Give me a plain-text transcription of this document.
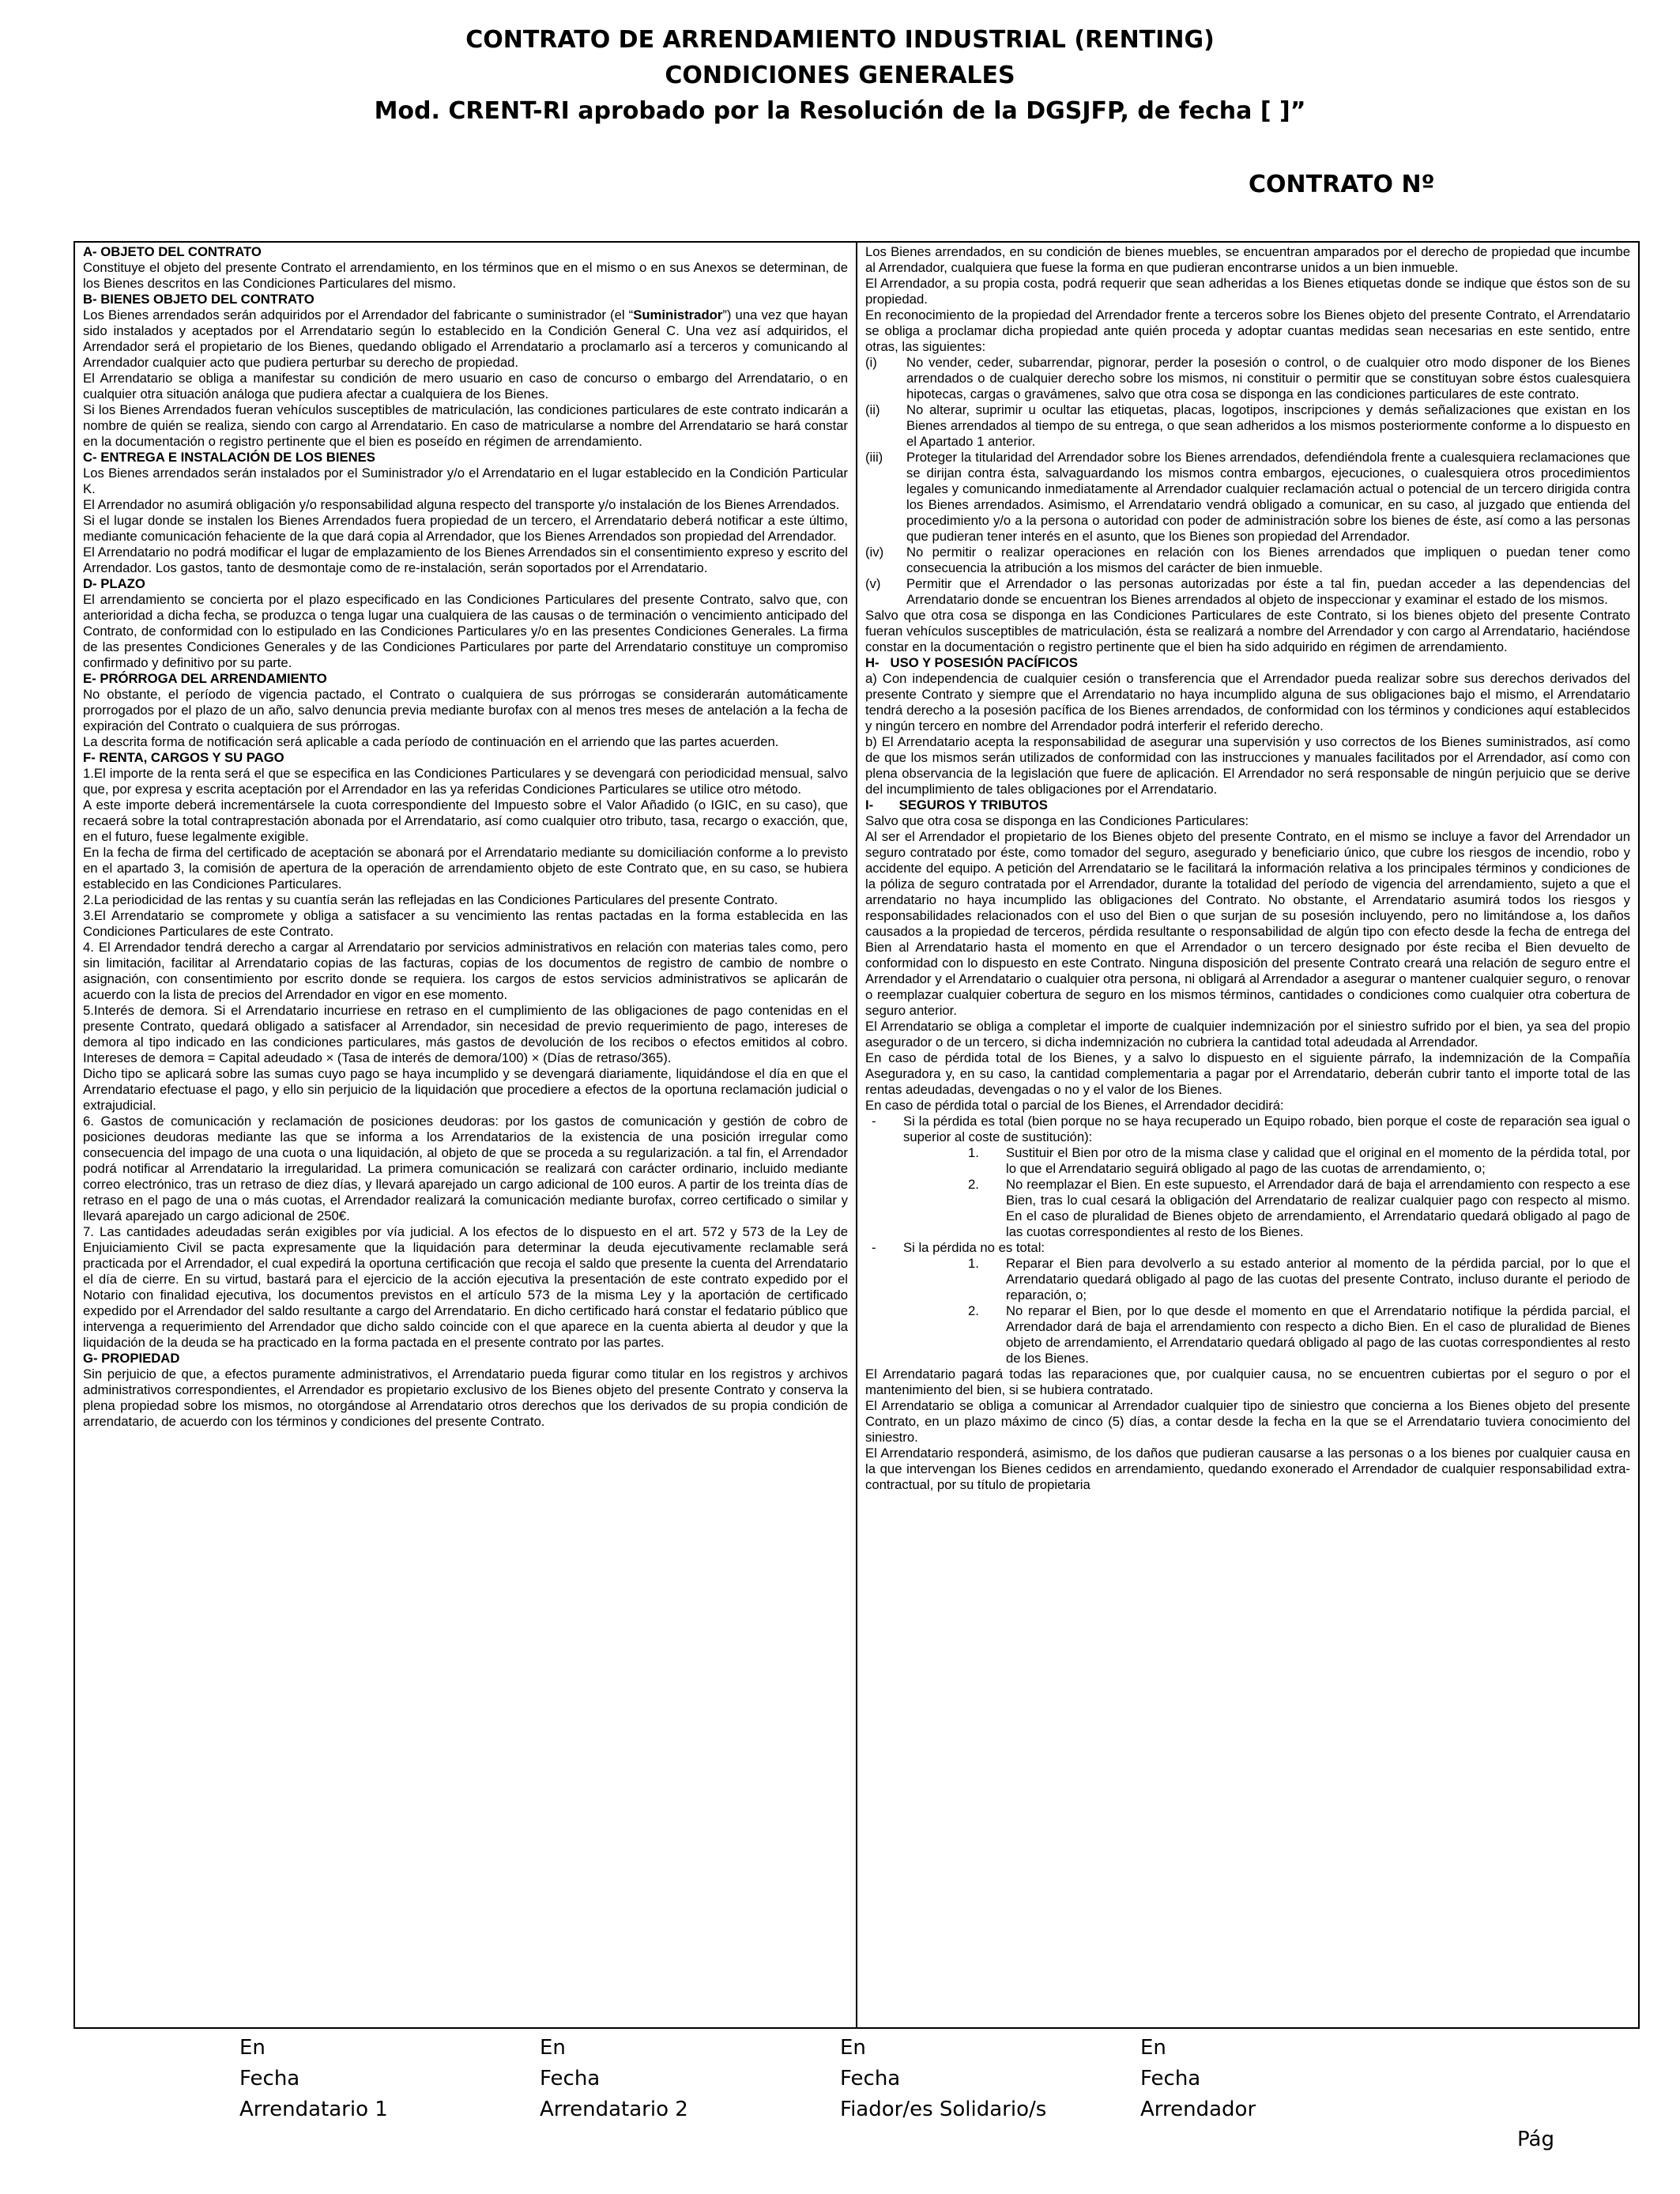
CONTRATO DE ARRENDAMIENTO INDUSTRIAL (RENTING)
CONDICIONES GENERALES
Mod. CRENT-RI aprobado por la Resolución de la DGSJFP, de fecha [ ]”
CONTRATO Nº
A- OBJETO DEL CONTRATO

Constituye el objeto del presente Contrato el arrendamiento, en los términos que en el mismo o en sus Anexos se determinan, de los Bienes descritos en las Condiciones Particulares del mismo.

B- BIENES OBJETO DEL CONTRATO

Los Bienes arrendados serán adquiridos por el Arrendador del fabricante o suministrador (el “Suministrador”) una vez que hayan sido instalados y aceptados por el Arrendatario según lo establecido en la Condición General C. Una vez así adquiridos, el Arrendador será el propietario de los Bienes, quedando obligado el Arrendatario a proclamarlo así a terceros y comunicando al Arrendador cualquier acto que pudiera perturbar su derecho de propiedad.

El Arrendatario se obliga a manifestar su condición de mero usuario en caso de concurso o embargo del Arrendatario, o en cualquier otra situación análoga que pudiera afectar a cualquiera de los Bienes.

Si los Bienes Arrendados fueran vehículos susceptibles de matriculación, las condiciones particulares de este contrato indicarán a nombre de quién se realiza, siendo con cargo al Arrendatario. En caso de matricularse a nombre del Arrendatario se hará constar en la documentación o registro pertinente que el bien es poseído en régimen de arrendamiento.

C- ENTREGA E INSTALACIÓN DE LOS BIENES

Los Bienes arrendados serán instalados por el Suministrador y/o el Arrendatario en el lugar establecido en la Condición Particular K.

El Arrendador no asumirá obligación y/o responsabilidad alguna respecto del transporte y/o instalación de los Bienes Arrendados.

Si el lugar donde se instalen los Bienes Arrendados fuera propiedad de un tercero, el Arrendatario deberá notificar a este último, mediante comunicación fehaciente de la que dará copia al Arrendador, que los Bienes Arrendados son propiedad del Arrendador.

El Arrendatario no podrá modificar el lugar de emplazamiento de los Bienes Arrendados sin el consentimiento expreso y escrito del Arrendador. Los gastos, tanto de desmontaje como de re-instalación, serán soportados por el Arrendatario.

D- PLAZO

El arrendamiento se concierta por el plazo especificado en las Condiciones Particulares del presente Contrato, salvo que, con anterioridad a dicha fecha, se produzca o tenga lugar una cualquiera de las causas o de terminación o vencimiento anticipado del Contrato, de conformidad con lo estipulado en las Condiciones Particulares y/o en las presentes Condiciones Generales. La firma de las presentes Condiciones Generales y de las Condiciones Particulares por parte del Arrendatario constituye un compromiso confirmado y definitivo por su parte.

E- PRÓRROGA DEL ARRENDAMIENTO

No obstante, el período de vigencia pactado, el Contrato o cualquiera de sus prórrogas se considerarán automáticamente prorrogados por el plazo de un año, salvo denuncia previa mediante burofax con al menos tres meses de antelación a la fecha de expiración del Contrato o cualquiera de sus prórrogas.

La descrita forma de notificación será aplicable a cada período de continuación en el arriendo que las partes acuerden.

F- RENTA, CARGOS Y SU PAGO

1.El importe de la renta será el que se especifica en las Condiciones Particulares y se devengará con periodicidad mensual, salvo que, por expresa y escrita aceptación por el Arrendador en las ya referidas Condiciones Particulares se utilice otro método.

A este importe deberá incrementársele la cuota correspondiente del Impuesto sobre el Valor Añadido (o IGIC, en su caso), que recaerá sobre la total contraprestación abonada por el Arrendatario, así como cualquier otro tributo, tasa, recargo o exacción, que, en el futuro, fuese legalmente exigible.

En la fecha de firma del certificado de aceptación se abonará por el Arrendatario mediante su domiciliación conforme a lo previsto en el apartado 3, la comisión de apertura de la operación de arrendamiento objeto de este Contrato que, en su caso, se hubiera establecido en las Condiciones Particulares.

2.La periodicidad de las rentas y su cuantía serán las reflejadas en las Condiciones Particulares del presente Contrato.

3.El Arrendatario se compromete y obliga a satisfacer a su vencimiento las rentas pactadas en la forma establecida en las Condiciones Particulares de este Contrato.

4. El Arrendador tendrá derecho a cargar al Arrendatario por servicios administrativos en relación con materias tales como, pero sin limitación, facilitar al Arrendatario copias de las facturas, copias de los documentos de registro de cambio de nombre o asignación, con consentimiento por escrito donde se requiera. los cargos de estos servicios administrativos se aplicarán de acuerdo con la lista de precios del Arrendador en vigor en ese momento.

5.Interés de demora. Si el Arrendatario incurriese en retraso en el cumplimiento de las obligaciones de pago contenidas en el presente Contrato, quedará obligado a satisfacer al Arrendador, sin necesidad de previo requerimiento de pago, intereses de demora al tipo indicado en las condiciones particulares, más gastos de devolución de los recibos o efectos emitidos al cobro. Intereses de demora = Capital adeudado × (Tasa de interés de demora/100) × (Días de retraso/365).

Dicho tipo se aplicará sobre las sumas cuyo pago se haya incumplido y se devengará diariamente, liquidándose el día en que el Arrendatario efectuase el pago, y ello sin perjuicio de la liquidación que procediere a efectos de la oportuna reclamación judicial o extrajudicial.

6. Gastos de comunicación y reclamación de posiciones deudoras: por los gastos de comunicación y gestión de cobro de posiciones deudoras mediante las que se informa a los Arrendatarios de la existencia de una posición irregular como consecuencia del impago de una cuota o una liquidación, al objeto de que se proceda a su regularización. a tal fin, el Arrendador podrá notificar al Arrendatario la irregularidad. La primera comunicación se realizará con carácter ordinario, incluido mediante correo electrónico, tras un retraso de diez días, y llevará aparejado un cargo adicional de 100 euros. A partir de los treinta días de retraso en el pago de una o más cuotas, el Arrendador realizará la comunicación mediante burofax, correo certificado o similar y llevará aparejado un cargo adicional de 250€.

7. Las cantidades adeudadas serán exigibles por vía judicial. A los efectos de lo dispuesto en el art. 572 y 573 de la Ley de Enjuiciamiento Civil se pacta expresamente que la liquidación para determinar la deuda ejecutivamente reclamable será practicada por el Arrendador, el cual expedirá la oportuna certificación que recoja el saldo que presente la cuenta del Arrendatario el día de cierre. En su virtud, bastará para el ejercicio de la acción ejecutiva la presentación de este contrato expedido por el Notario con finalidad ejecutiva, los documentos previstos en el artículo 573 de la misma Ley y la aportación de certificado expedido por el Arrendador del saldo resultante a cargo del Arrendatario. En dicho certificado hará constar el fedatario público que intervenga a requerimiento del Arrendador que dicho saldo coincide con el que aparece en la cuenta abierta al deudor y que la liquidación de la deuda se ha practicado en la forma pactada en el presente contrato por las partes.

G- PROPIEDAD

Sin perjuicio de que, a efectos puramente administrativos, el Arrendatario pueda figurar como titular en los registros y archivos administrativos correspondientes, el Arrendador es propietario exclusivo de los Bienes objeto del presente Contrato y conserva la plena propiedad sobre los mismos, no otorgándose al Arrendatario otros derechos que los derivados de su propia condición de arrendatario, de acuerdo con los términos y condiciones del presente Contrato.

Los Bienes arrendados, en su condición de bienes muebles, se encuentran amparados por el derecho de propiedad que incumbe al Arrendador, cualquiera que fuese la forma en que pudieran encontrarse unidos a un bien inmueble.

El Arrendador, a su propia costa, podrá requerir que sean adheridas a los Bienes etiquetas donde se indique que éstos son de su propiedad.

En reconocimiento de la propiedad del Arrendador frente a terceros sobre los Bienes objeto del presente Contrato, el Arrendatario se obliga a proclamar dicha propiedad ante quién proceda y adoptar cuantas medidas sean necesarias en este sentido, entre otras, las siguientes:

(i)	No vender, ceder, subarrendar, pignorar, perder la posesión o control, o de cualquier otro modo disponer de los Bienes arrendados o de cualquier derecho sobre los mismos, ni constituir o permitir que se constituyan sobre éstos cualesquiera hipotecas, cargas o gravámenes, salvo que otra cosa se disponga en las condiciones particulares de este contrato.
(ii)	No alterar, suprimir u ocultar las etiquetas, placas, logotipos, inscripciones y demás señalizaciones que existan en los Bienes arrendados al tiempo de su entrega, o que sean adheridos a los mismos posteriormente conforme a lo dispuesto en el Apartado 1 anterior.
(iii)	Proteger la titularidad del Arrendador sobre los Bienes arrendados, defendiéndola frente a cualesquiera reclamaciones que se dirijan contra ésta, salvaguardando los mismos contra embargos, ejecuciones, o cualesquiera otros procedimientos legales y comunicando inmediatamente al Arrendador cualquier reclamación actual o potencial de un tercero dirigida contra los Bienes arrendados. Asimismo, el Arrendatario vendrá obligado a comunicar, en su caso, al juzgado que entienda del procedimiento y/o a la persona o autoridad con poder de administración sobre los bienes de éste, así como a las personas que pudieran tener interés en el asunto, que los Bienes son propiedad del Arrendador.
(iv)	No permitir o realizar operaciones en relación con los Bienes arrendados que impliquen o puedan tener como consecuencia la atribución a los mismos del carácter de bien inmueble.
(v)	Permitir que el Arrendador o las personas autorizadas por éste a tal fin, puedan acceder a las dependencias del Arrendatario donde se encuentran los Bienes arrendados al objeto de inspeccionar y examinar el estado de los mismos.

Salvo que otra cosa se disponga en las Condiciones Particulares de este Contrato, si los bienes objeto del presente Contrato fueran vehículos susceptibles de matriculación, ésta se realizará a nombre del Arrendador y con cargo al Arrendatario, haciéndose constar en la documentación o registro pertinente que el bien ha sido adquirido en régimen de arrendamiento.

H-   USO Y POSESIÓN PACÍFICOS

a) Con independencia de cualquier cesión o transferencia que el Arrendador pueda realizar sobre sus derechos derivados del presente Contrato y siempre que el Arrendatario no haya incumplido alguna de sus obligaciones bajo el mismo, el Arrendatario tendrá derecho a la posesión pacífica de los Bienes arrendados, de conformidad con los términos y condiciones aquí establecidos y ningún tercero en nombre del Arrendador podrá interferir el referido derecho.

b) El Arrendatario acepta la responsabilidad de asegurar una supervisión y uso correctos de los Bienes suministrados, así como de que los mismos serán utilizados de conformidad con las instrucciones y manuales facilitados por el Arrendador, así como con plena observancia de la legislación que fuere de aplicación. El Arrendador no será responsable de ningún perjuicio que se derive del incumplimiento de tales obligaciones por el Arrendatario.

I-       SEGUROS Y TRIBUTOS

Salvo que otra cosa se disponga en las Condiciones Particulares:

Al ser el Arrendador el propietario de los Bienes objeto del presente Contrato, en el mismo se incluye a favor del Arrendador un seguro contratado por éste, como tomador del seguro, asegurado y beneficiario único, que cubre los riesgos de incendio, robo y accidente del equipo. A petición del Arrendatario se le facilitará la información relativa a los principales términos y condiciones de la póliza de seguro contratada por el Arrendador, durante la totalidad del período de vigencia del arrendamiento, sujeto a que el arrendatario no haya incumplido las obligaciones del Contrato. No obstante, el Arrendatario asumirá todos los riesgos y responsabilidades relacionados con el uso del Bien o que surjan de su posesión incluyendo, pero no limitándose a, los daños causados a la propiedad de terceros, pérdida resultante o responsabilidad de algún tipo con efecto desde la fecha de entrega del Bien al Arrendatario hasta el momento en que el Arrendador o un tercero designado por éste reciba el Bien devuelto de conformidad con lo dispuesto en este Contrato. Ninguna disposición del presente Contrato creará una relación de seguro entre el Arrendador y el Arrendatario o cualquier otra persona, ni obligará al Arrendador a asegurar o mantener cualquier seguro, o renovar o reemplazar cualquier cobertura de seguro en los mismos términos, cantidades o condiciones como cualquier otra cobertura de seguro anterior.

El Arrendatario se obliga a completar el importe de cualquier indemnización por el siniestro sufrido por el bien, ya sea del propio asegurador o de un tercero, si dicha indemnización no cubriera la cantidad total adeudada al Arrendador.

En caso de pérdida total de los Bienes, y a salvo lo dispuesto en el siguiente párrafo, la indemnización de la Compañía Aseguradora y, en su caso, la cantidad complementaria a pagar por el Arrendatario, deberán cubrir tanto el importe total de las rentas adeudadas, devengadas o no y el valor de los Bienes.

En caso de pérdida total o parcial de los Bienes, el Arrendador decidirá:

-	Si la pérdida es total (bien porque no se haya recuperado un Equipo robado, bien porque el coste de reparación sea igual o superior al coste de sustitución):
1.	Sustituir el Bien por otro de la misma clase y calidad que el original en el momento de la pérdida total, por lo que el Arrendatario seguirá obligado al pago de las cuotas de arrendamiento, o;
2.	No reemplazar el Bien. En este supuesto, el Arrendador dará de baja el arrendamiento con respecto a ese Bien, tras lo cual cesará la obligación del Arrendatario de realizar cualquier pago con respecto al mismo. En el caso de pluralidad de Bienes objeto de arrendamiento, el Arrendatario quedará obligado al pago de las cuotas correspondientes al resto de los Bienes.
-	Si la pérdida no es total:
1.	Reparar el Bien para devolverlo a su estado anterior al momento de la pérdida parcial, por lo que el Arrendatario quedará obligado al pago de las cuotas del presente Contrato, incluso durante el periodo de reparación, o;
2.	No reparar el Bien, por lo que desde el momento en que el Arrendatario notifique la pérdida parcial, el Arrendador dará de baja el arrendamiento con respecto a dicho Bien. En el caso de pluralidad de Bienes objeto de arrendamiento, el Arrendatario quedará obligado al pago de las cuotas correspondientes al resto de los Bienes.

El Arrendatario pagará todas las reparaciones que, por cualquier causa, no se encuentren cubiertas por el seguro o por el mantenimiento del bien, si se hubiera contratado.

El Arrendatario se obliga a comunicar al Arrendador cualquier tipo de siniestro que concierna a los Bienes objeto del presente Contrato, en un plazo máximo de cinco (5) días, a contar desde la fecha en la que se el Arrendatario tuviera conocimiento del siniestro.

El Arrendatario responderá, asimismo, de los daños que pudieran causarse a las personas o a los bienes por cualquier causa en la que intervengan los Bienes cedidos en arrendamiento, quedando exonerado el Arrendador de cualquier responsabilidad extra-contractual, por su título de propietaria

En
Fecha
Arrendatario 1
En
Fecha
Arrendatario 2
En
Fecha
Fiador/es Solidario/s
En
Fecha
Arrendador
Pág
